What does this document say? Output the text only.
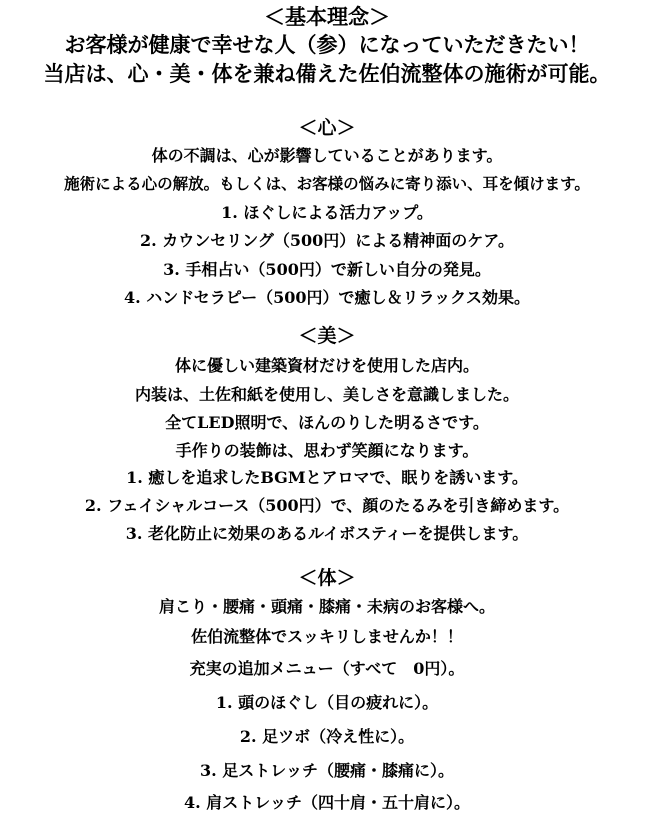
＜基本理念＞
お客様が健康で幸せな人（参）になっていただきたい！
当店は、心・美・体を兼ね備えた佐伯流整体の施術が可能。
＜心＞
体の不調は、心が影響していることがあります。
施術による心の解放。もしくは、お客様の悩みに寄り添い、耳を傾けます。
1. ほぐしによる活力アップ。
2. カウンセリング（500円）による精神面のケア。
3. 手相占い（500円）で新しい自分の発見。
4. ハンドセラピー（500円）で癒し＆リラックス効果。
＜美＞
体に優しい建築資材だけを使用した店内。
内装は、土佐和紙を使用し、美しさを意識しました。
全てLED照明で、ほんのりした明るさです。
手作りの装飾は、思わず笑顔になります。
1. 癒しを追求したBGMとアロマで、眠りを誘います。
2. フェイシャルコース（500円）で、顔のたるみを引き締めます。
3. 老化防止に効果のあるルイボスティーを提供します。
＜体＞
肩こり・腰痛・頭痛・膝痛・未病のお客様へ。
佐伯流整体でスッキリしませんか！！
充実の追加メニュー（すべて　0円）。
1. 頭のほぐし（目の疲れに）。
2. 足ツボ（冷え性に）。
3. 足ストレッチ（腰痛・膝痛に）。
4. 肩ストレッチ（四十肩・五十肩に）。
